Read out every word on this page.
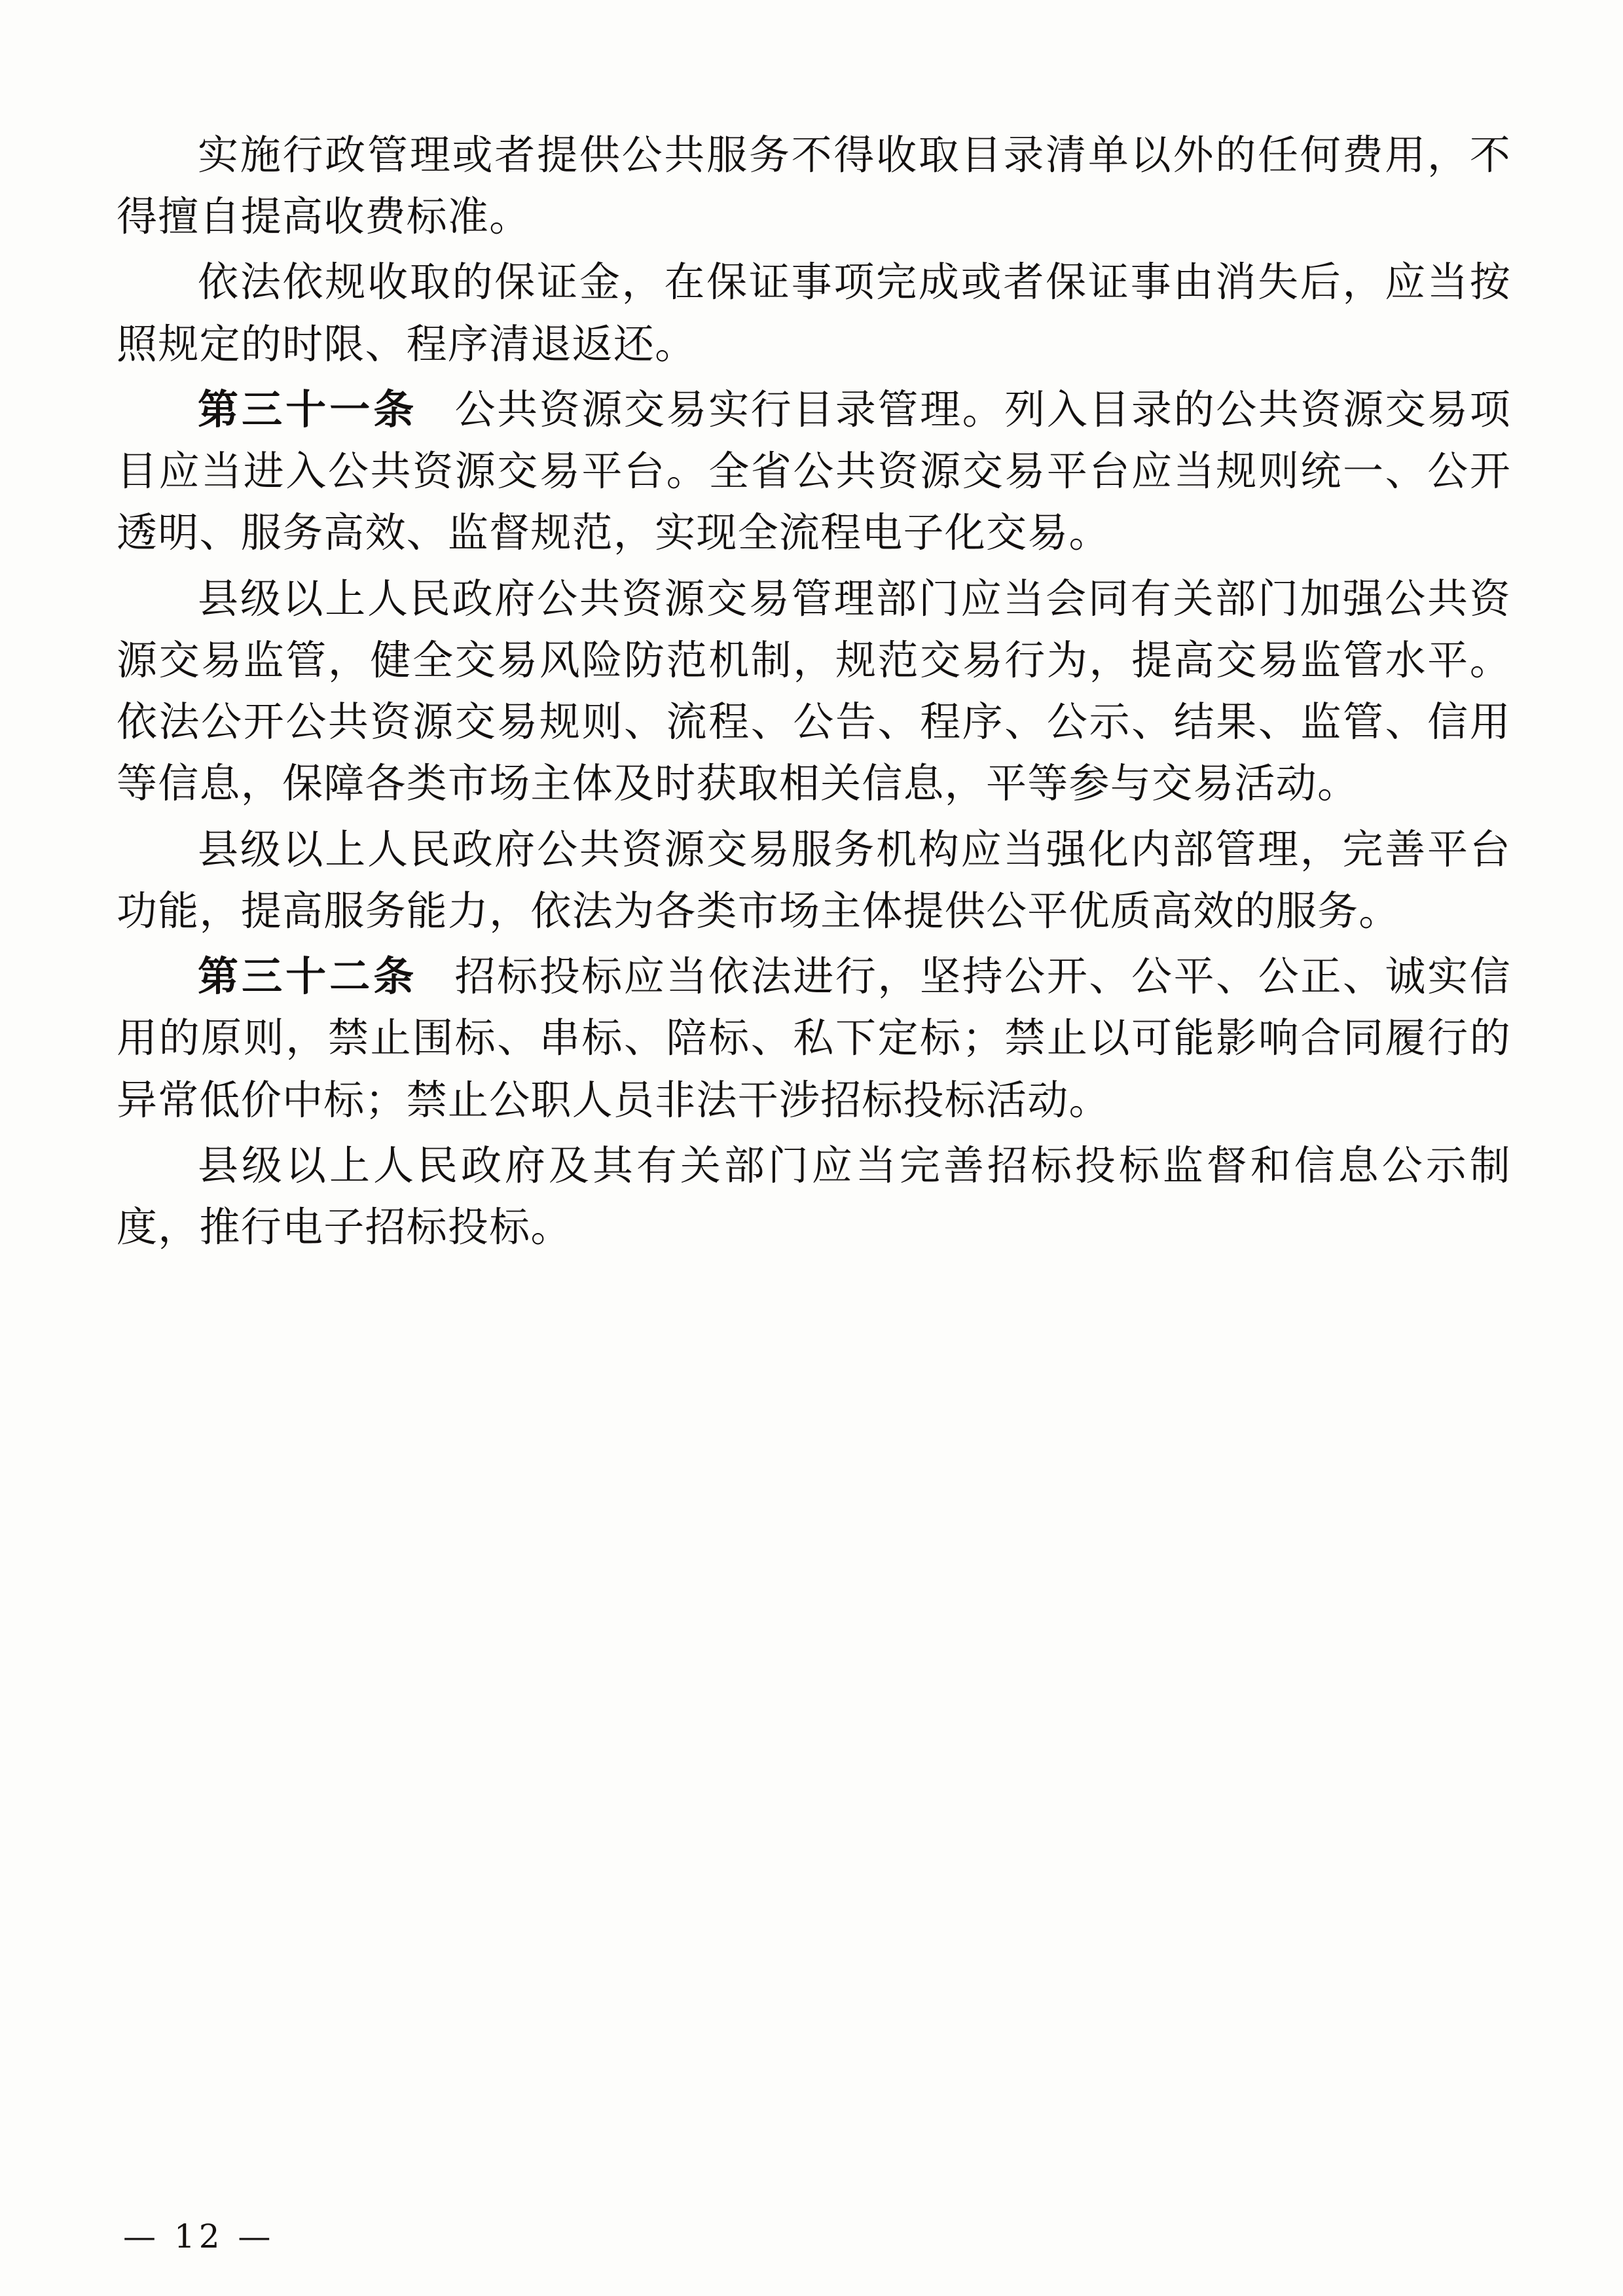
实施行政管理或者提供公共服务不得收取目录清单以外的任何费用，不得擅自提高收费标准。

依法依规收取的保证金，在保证事项完成或者保证事由消失后，应当按照规定的时限、程序清退返还。

第三十一条 公共资源交易实行目录管理。列入目录的公共资源交易项目应当进入公共资源交易平台。全省公共资源交易平台应当规则统一、公开透明、服务高效、监督规范，实现全流程电子化交易。

县级以上人民政府公共资源交易管理部门应当会同有关部门加强公共资源交易监管，健全交易风险防范机制，规范交易行为，提高交易监管水平。依法公开公共资源交易规则、流程、公告、程序、公示、结果、监管、信用等信息，保障各类市场主体及时获取相关信息，平等参与交易活动。

县级以上人民政府公共资源交易服务机构应当强化内部管理，完善平台功能，提高服务能力，依法为各类市场主体提供公平优质高效的服务。

第三十二条 招标投标应当依法进行，坚持公开、公平、公正、诚实信用的原则，禁止围标、串标、陪标、私下定标；禁止以可能影响合同履行的异常低价中标；禁止公职人员非法干涉招标投标活动。

县级以上人民政府及其有关部门应当完善招标投标监督和信息公示制度，推行电子招标投标。

— 12 —
